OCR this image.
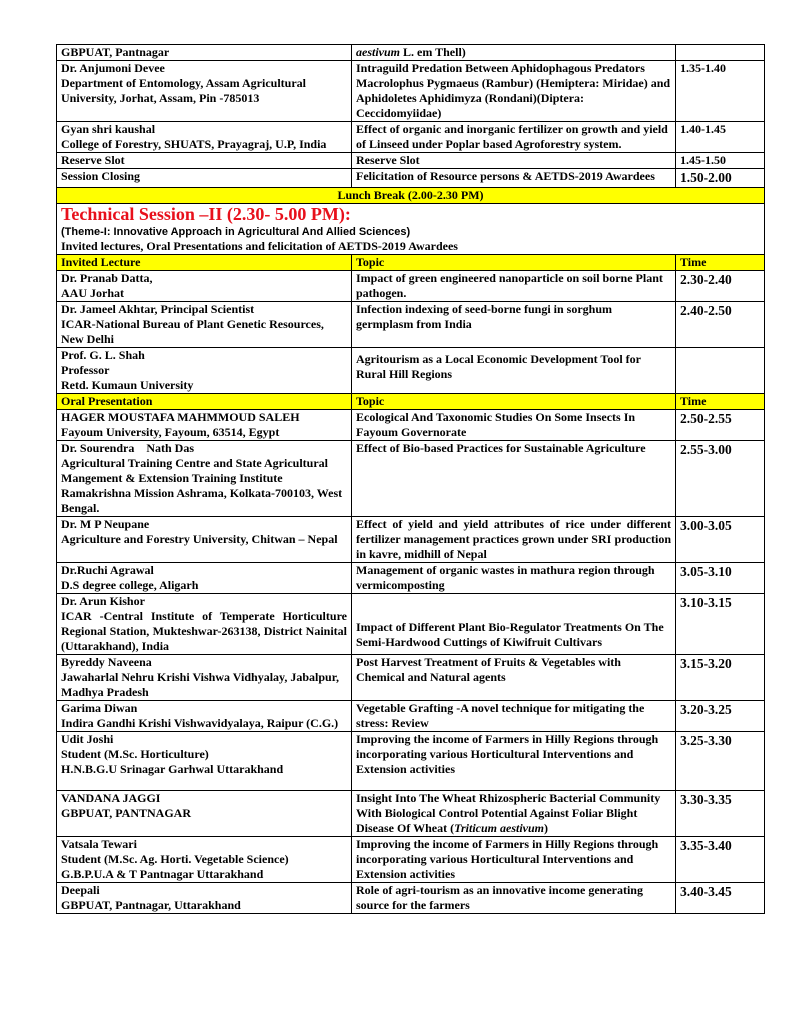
GBPUAT, Pantnagar	aestivum L. em Thell)	

Dr. Anjumoni Devee
Department of Entomology, Assam Agricultural University, Jorhat, Assam, Pin -785013	Intraguild Predation Between Aphidophagous Predators Macrolophus Pygmaeus (Rambur) (Hemiptera: Miridae) and Aphidoletes Aphidimyza (Rondani)(Diptera: Ceccidomyiidae)	1.35-1.40

Gyan shri kaushal
College of Forestry, SHUATS, Prayagraj, U.P, India	Effect of organic and inorganic fertilizer on growth and yield of Linseed under Poplar based Agroforestry system.	1.40-1.45

Reserve Slot	Reserve Slot	1.45-1.50
Session Closing	Felicitation of Resource persons & AETDS-2019 Awardees	1.50-2.00
Lunch Break (2.00-2.30 PM)		

Technical Session –II (2.30- 5.00 PM):
(Theme-I: Innovative Approach in Agricultural And Allied Sciences)
Invited lectures, Oral Presentations and felicitation of AETDS-2019 Awardees		

Invited Lecture	Topic	Time

Dr. Pranab Datta,
AAU Jorhat	Impact of green engineered nanoparticle on soil borne Plant pathogen.	2.30-2.40

Dr. Jameel Akhtar, Principal Scientist
ICAR-National Bureau of Plant Genetic Resources, New Delhi	Infection indexing of seed-borne fungi in sorghum germplasm from India	2.40-2.50

Prof. G. L. Shah
Professor
Retd. Kumaun University	Agritourism as a Local Economic Development Tool for Rural Hill Regions	
Oral Presentation	Topic	Time

HAGER MOUSTAFA MAHMMOUD SALEH
Fayoum University, Fayoum, 63514, Egypt	Ecological And Taxonomic Studies On Some Insects In Fayoum Governorate	2.50-2.55

Dr. Sourendra    Nath Das
Agricultural Training Centre and State Agricultural Mangement & Extension Training Institute Ramakrishna Mission Ashrama, Kolkata-700103, West Bengal.	Effect of Bio-based Practices for Sustainable Agriculture	2.55-3.00

Dr. M P Neupane
Agriculture and Forestry University, Chitwan – Nepal	Effect of yield and yield attributes of rice under different fertilizer management practices grown under SRI production in kavre, midhill of Nepal	3.00-3.05

Dr.Ruchi Agrawal
D.S degree college, Aligarh	Management of organic wastes in mathura region through vermicomposting	3.05-3.10

Dr. Arun Kishor
ICAR -Central Institute of Temperate Horticulture Regional Station, Mukteshwar-263138, District Nainital (Uttarakhand), India	Impact of Different Plant Bio-Regulator Treatments On The Semi-Hardwood Cuttings of Kiwifruit Cultivars	3.10-3.15

Byreddy Naveena
Jawaharlal Nehru Krishi Vishwa Vidhyalay, Jabalpur, Madhya Pradesh	Post Harvest Treatment of Fruits & Vegetables with Chemical and Natural agents	3.15-3.20

Garima Diwan
Indira Gandhi Krishi Vishwavidyalaya, Raipur (C.G.)	Vegetable Grafting -A novel technique for mitigating the stress: Review	3.20-3.25

Udit Joshi
Student (M.Sc. Horticulture)
H.N.B.G.U Srinagar Garhwal Uttarakhand	Improving the income of Farmers in Hilly Regions through incorporating various Horticultural Interventions and Extension activities	3.25-3.30

VANDANA JAGGI
GBPUAT, PANTNAGAR	Insight Into The Wheat Rhizospheric Bacterial Community With Biological Control Potential Against Foliar Blight Disease Of Wheat (Triticum aestivum)	3.30-3.35

Vatsala Tewari
Student (M.Sc. Ag. Horti. Vegetable Science)
G.B.P.U.A & T Pantnagar Uttarakhand	Improving the income of Farmers in Hilly Regions through incorporating various Horticultural Interventions and Extension activities	3.35-3.40

Deepali
GBPUAT, Pantnagar, Uttarakhand	Role of agri-tourism as an innovative income generating source for the farmers	3.40-3.45
